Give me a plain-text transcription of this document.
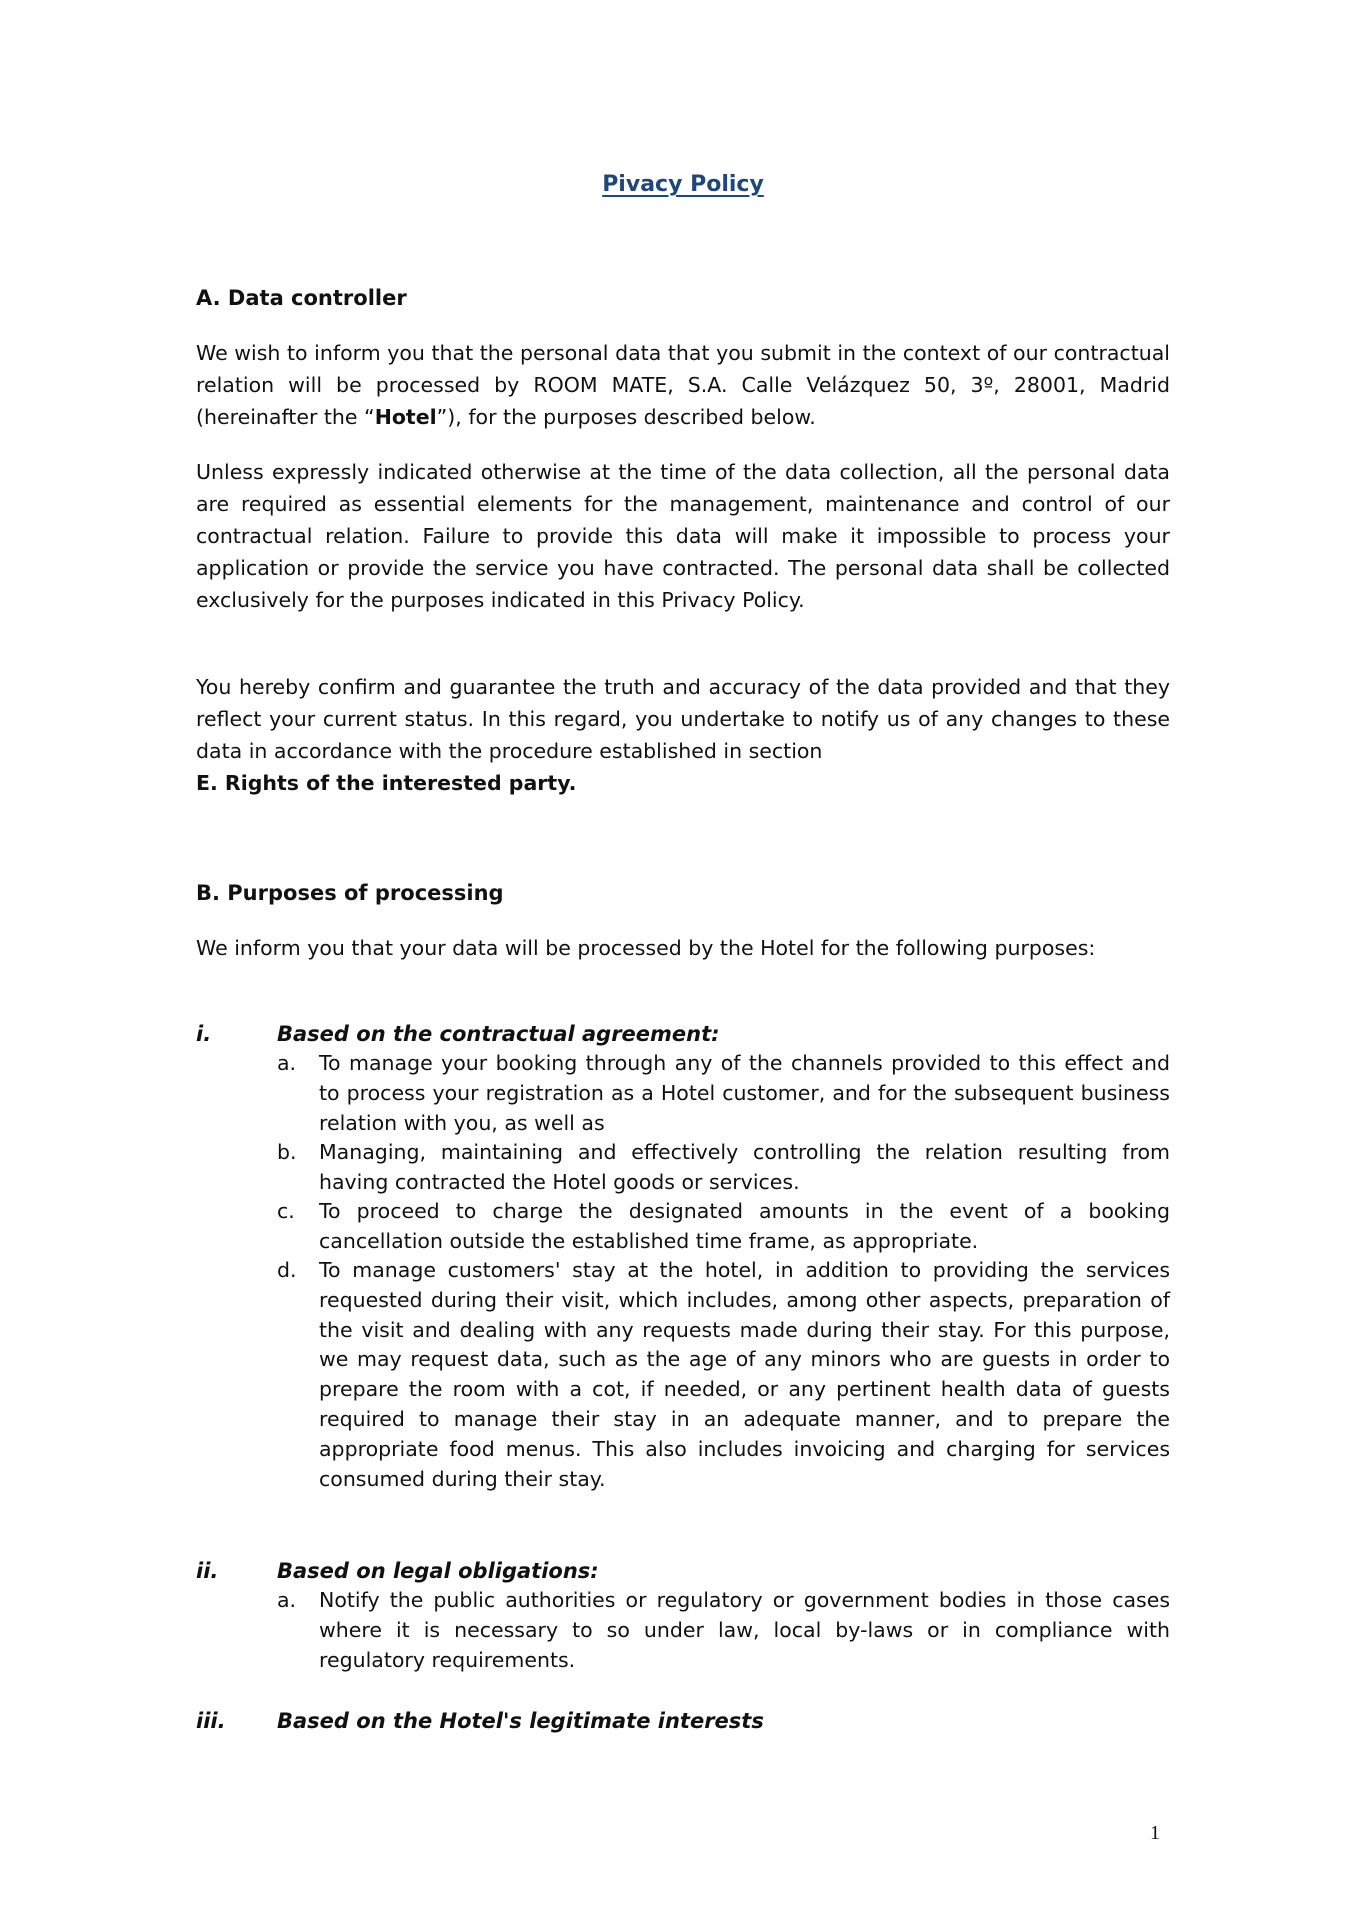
Pivacy Policy
A. Data controller

We wish to inform you that the personal data that you submit in the context of our contractual relation will be processed by ROOM MATE, S.A. Calle Velázquez 50, 3º, 28001, Madrid (hereinafter the “Hotel”), for the purposes described below.

Unless expressly indicated otherwise at the time of the data collection, all the personal data are required as essential elements for the management, maintenance and control of our contractual relation. Failure to provide this data will make it impossible to process your application or provide the service you have contracted. The personal data shall be collected exclusively for the purposes indicated in this Privacy Policy.

You hereby confirm and guarantee the truth and accuracy of the data provided and that they reflect your current status. In this regard, you undertake to notify us of any changes to these data in accordance with the procedure established in section
E. Rights of the interested party.

B. Purposes of processing

We inform you that your data will be processed by the Hotel for the following purposes:

i.	Based on the contractual agreement:
a. To manage your booking through any of the channels provided to this effect and to process your registration as a Hotel customer, and for the subsequent business relation with you, as well as
b. Managing, maintaining and effectively controlling the relation resulting from having contracted the Hotel goods or services.
c. To proceed to charge the designated amounts in the event of a booking cancellation outside the established time frame, as appropriate.
d. To manage customers' stay at the hotel, in addition to providing the services requested during their visit, which includes, among other aspects, preparation of the visit and dealing with any requests made during their stay. For this purpose, we may request data, such as the age of any minors who are guests in order to prepare the room with a cot, if needed, or any pertinent health data of guests required to manage their stay in an adequate manner, and to prepare the appropriate food menus. This also includes invoicing and charging for services consumed during their stay.
ii.	Based on legal obligations:
a. Notify the public authorities or regulatory or government bodies in those cases where it is necessary to so under law, local by-laws or in compliance with regulatory requirements.
iii. Based on the Hotel's legitimate interests
1
